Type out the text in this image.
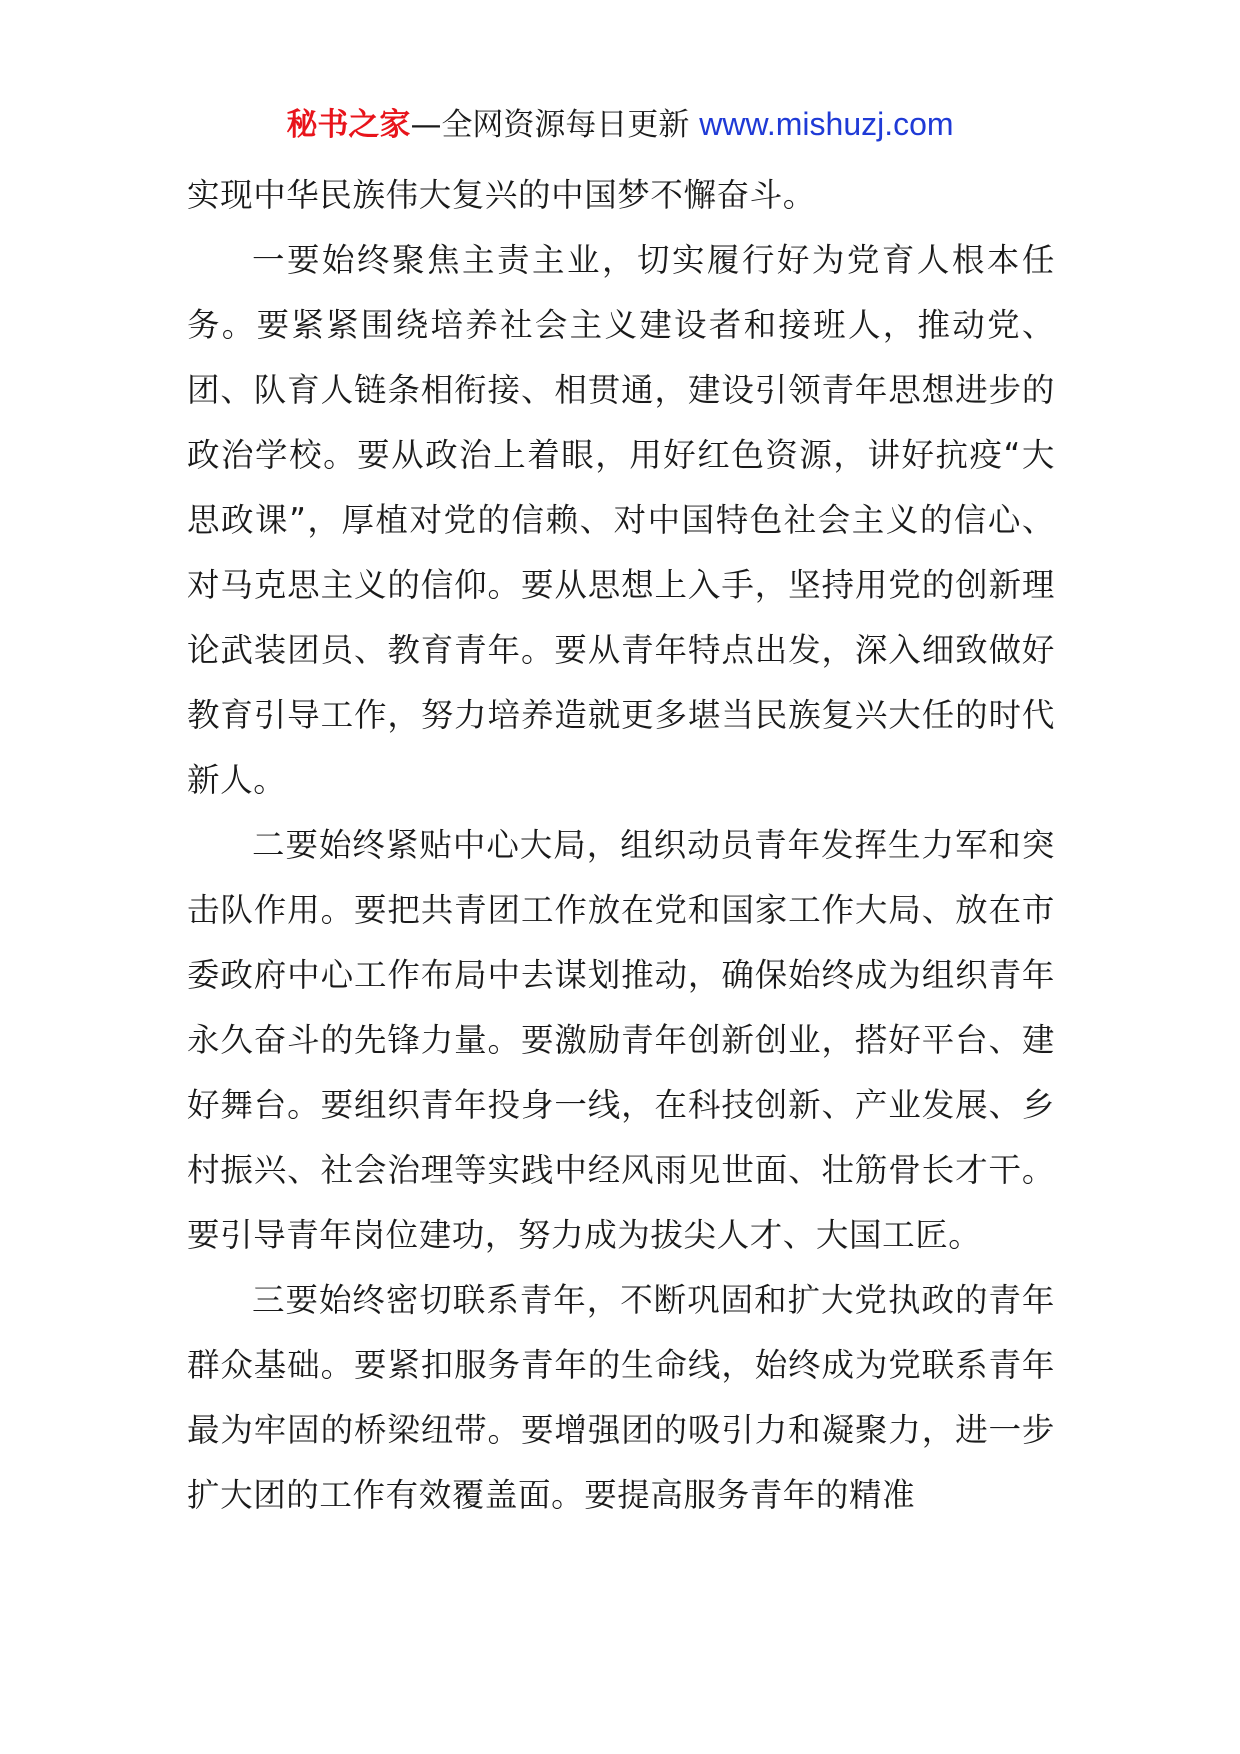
秘书之家—全网资源每日更新 www.mishuzj.com

实现中华民族伟大复兴的中国梦不懈奋斗。

一要始终聚焦主责主业，切实履行好为党育人根本任务。要紧紧围绕培养社会主义建设者和接班人，推动党、团、队育人链条相衔接、相贯通，建设引领青年思想进步的政治学校。要从政治上着眼，用好红色资源，讲好抗疫“大思政课”，厚植对党的信赖、对中国特色社会主义的信心、对马克思主义的信仰。要从思想上入手，坚持用党的创新理论武装团员、教育青年。要从青年特点出发，深入细致做好教育引导工作，努力培养造就更多堪当民族复兴大任的时代新人。

二要始终紧贴中心大局，组织动员青年发挥生力军和突击队作用。要把共青团工作放在党和国家工作大局、放在市委政府中心工作布局中去谋划推动，确保始终成为组织青年永久奋斗的先锋力量。要激励青年创新创业，搭好平台、建好舞台。要组织青年投身一线，在科技创新、产业发展、乡村振兴、社会治理等实践中经风雨见世面、壮筋骨长才干。要引导青年岗位建功，努力成为拔尖人才、大国工匠。

三要始终密切联系青年，不断巩固和扩大党执政的青年群众基础。要紧扣服务青年的生命线，始终成为党联系青年最为牢固的桥梁纽带。要增强团的吸引力和凝聚力，进一步扩大团的工作有效覆盖面。要提高服务青年的精准
